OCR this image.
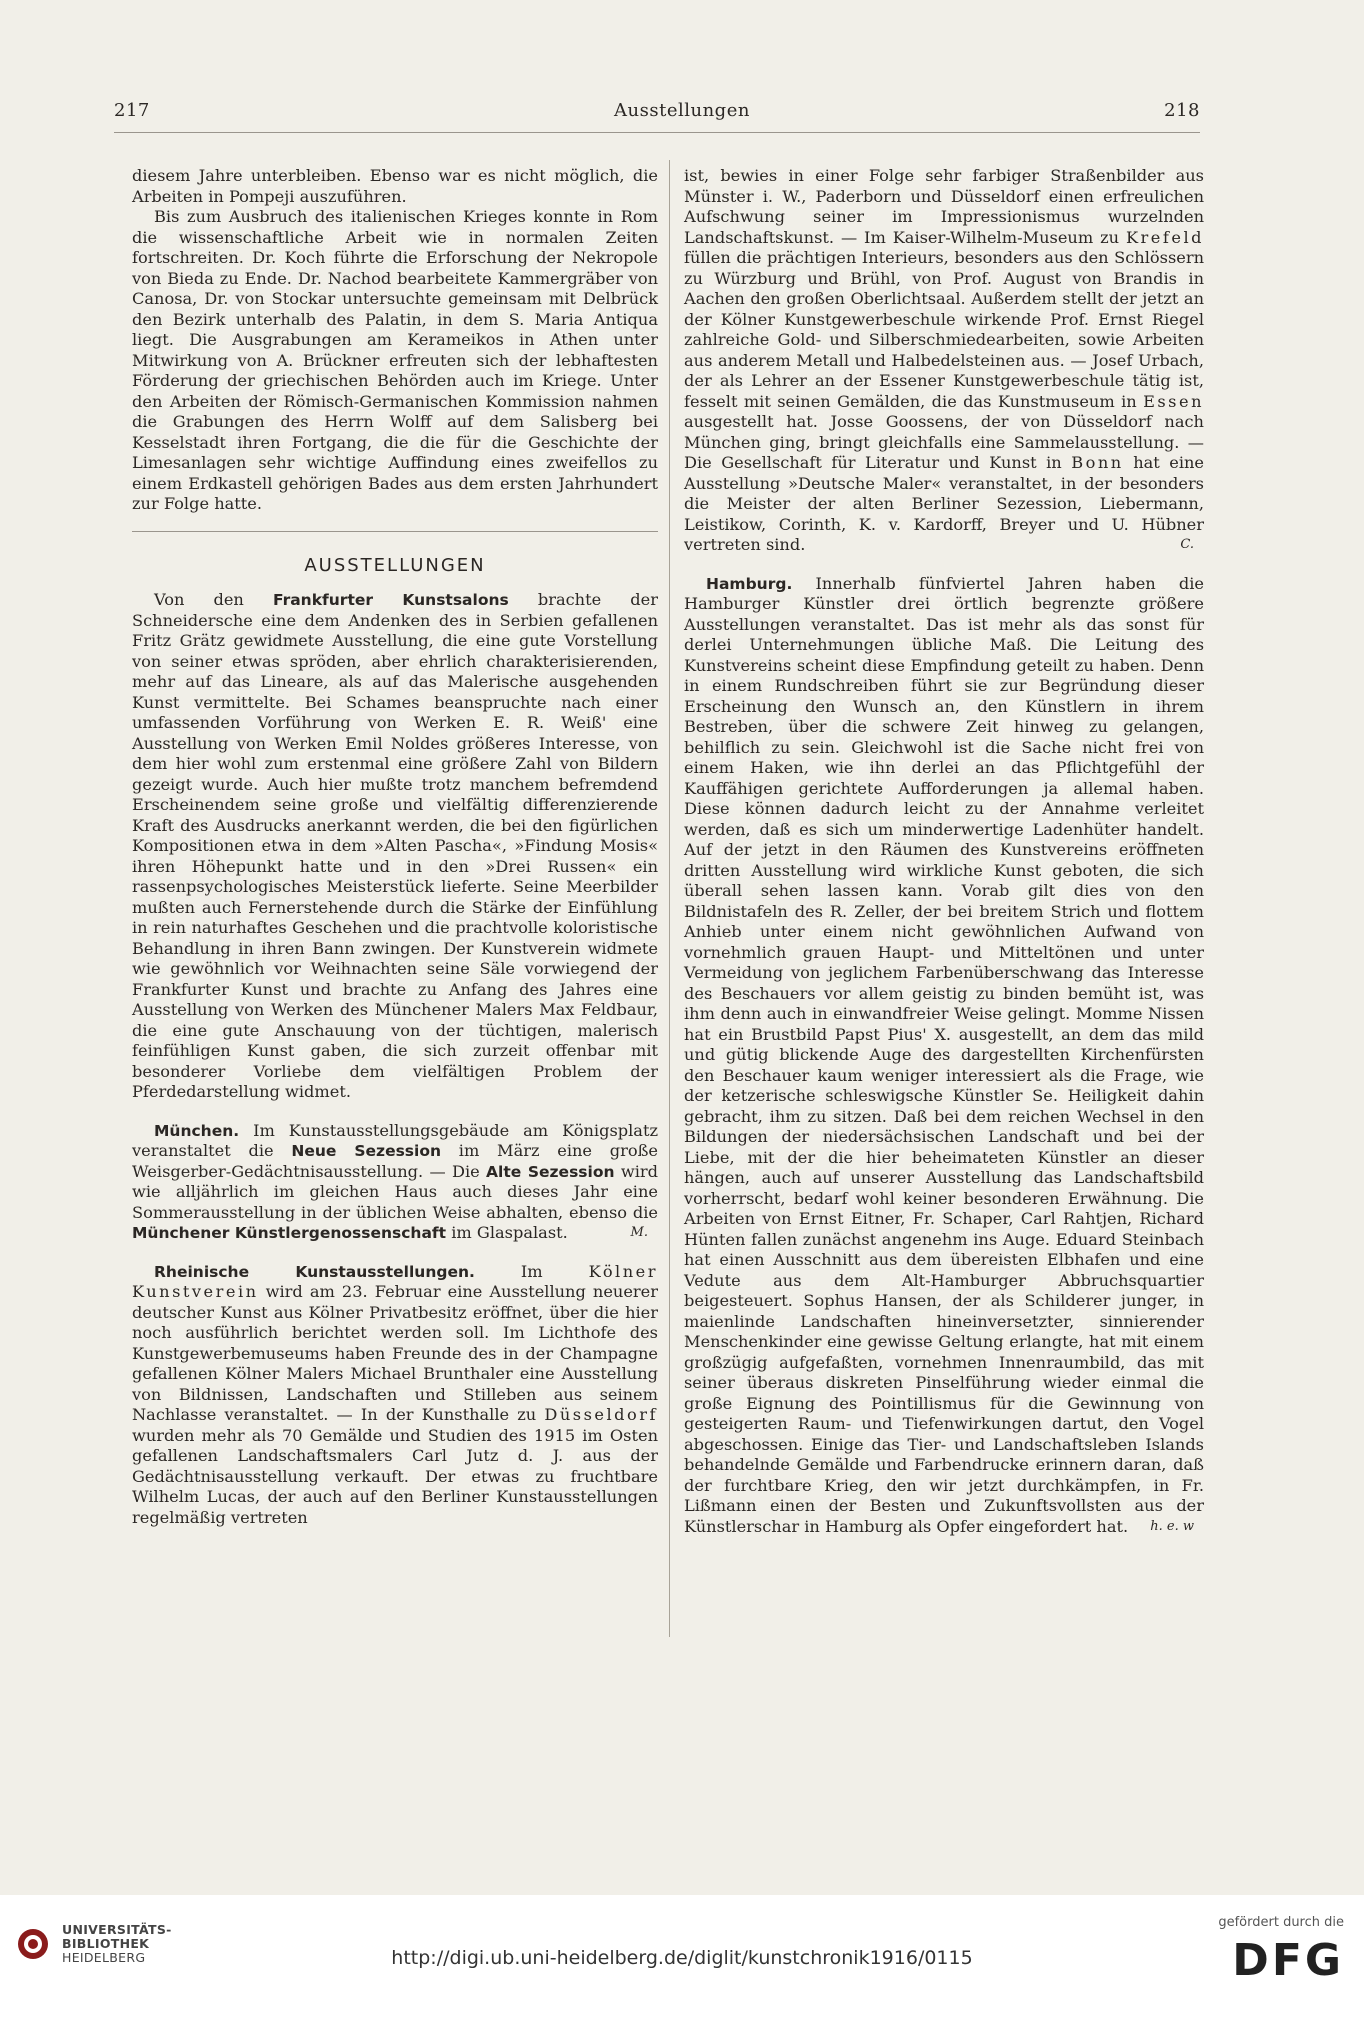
217	Ausstellungen	218

diesem Jahre unterbleiben. Ebenso war es nicht möglich, die Arbeiten in Pompeji auszuführen.

Bis zum Ausbruch des italienischen Krieges konnte in Rom die wissenschaftliche Arbeit wie in normalen Zeiten fortschreiten. Dr. Koch führte die Erforschung der Nekropole von Bieda zu Ende. Dr. Nachod bearbeitete Kammergräber von Canosa, Dr. von Stockar untersuchte gemeinsam mit Delbrück den Bezirk unterhalb des Palatin, in dem S. Maria Antiqua liegt. Die Ausgrabungen am Kerameikos in Athen unter Mitwirkung von A. Brückner erfreuten sich der lebhaftesten Förderung der griechischen Behörden auch im Kriege. Unter den Arbeiten der Römisch-Germanischen Kommission nahmen die Grabungen des Herrn Wolff auf dem Salisberg bei Kesselstadt ihren Fortgang, die die für die Geschichte der Limesanlagen sehr wichtige Auffindung eines zweifellos zu einem Erdkastell gehörigen Bades aus dem ersten Jahrhundert zur Folge hatte.

AUSSTELLUNGEN

Von den Frankfurter Kunstsalons brachte der Schneidersche eine dem Andenken des in Serbien gefallenen Fritz Grätz gewidmete Ausstellung, die eine gute Vorstellung von seiner etwas spröden, aber ehrlich charakterisierenden, mehr auf das Lineare, als auf das Malerische ausgehenden Kunst vermittelte. Bei Schames beanspruchte nach einer umfassenden Vorführung von Werken E. R. Weiß' eine Ausstellung von Werken Emil Noldes größeres Interesse, von dem hier wohl zum erstenmal eine größere Zahl von Bildern gezeigt wurde. Auch hier mußte trotz manchem befremdend Erscheinendem seine große und vielfältig differenzierende Kraft des Ausdrucks anerkannt werden, die bei den figürlichen Kompositionen etwa in dem »Alten Pascha«, »Findung Mosis« ihren Höhepunkt hatte und in den »Drei Russen« ein rassenpsychologisches Meisterstück lieferte. Seine Meerbilder mußten auch Fernerstehende durch die Stärke der Einfühlung in rein naturhaftes Geschehen und die prachtvolle koloristische Behandlung in ihren Bann zwingen. Der Kunstverein widmete wie gewöhnlich vor Weihnachten seine Säle vorwiegend der Frankfurter Kunst und brachte zu Anfang des Jahres eine Ausstellung von Werken des Münchener Malers Max Feldbaur, die eine gute Anschauung von der tüchtigen, malerisch feinfühligen Kunst gaben, die sich zurzeit offenbar mit besonderer Vorliebe dem vielfältigen Problem der Pferdedarstellung widmet.

München. Im Kunstausstellungsgebäude am Königsplatz veranstaltet die Neue Sezession im März eine große Weisgerber-Gedächtnisausstellung. — Die Alte Sezession wird wie alljährlich im gleichen Haus auch dieses Jahr eine Sommerausstellung in der üblichen Weise abhalten, ebenso die Münchener Künstlergenossenschaft im Glaspalast.	M.

Rheinische Kunstausstellungen.	Im	Kölner Kunstverein wird am 23. Februar eine Ausstellung neuerer deutscher Kunst aus Kölner Privatbesitz eröffnet, über die hier noch ausführlich berichtet werden soll. Im Lichthofe des Kunstgewerbemuseums haben Freunde des in der Champagne gefallenen Kölner Malers Michael Brunthaler eine Ausstellung von Bildnissen, Landschaften und Stilleben aus seinem Nachlasse veranstaltet. — In der Kunsthalle zu Düsseldorf wurden mehr als 70 Gemälde und Studien des 1915 im Osten gefallenen Landschaftsmalers Carl Jutz d. J. aus der Gedächtnisausstellung verkauft. Der etwas zu fruchtbare Wilhelm Lucas, der auch auf den Berliner Kunstausstellungen regelmäßig vertreten

ist, bewies in einer Folge sehr farbiger Straßenbilder aus Münster i. W., Paderborn und Düsseldorf einen erfreulichen Aufschwung seiner im Impressionismus wurzelnden Landschaftskunst. — Im Kaiser-Wilhelm-Museum zu Krefeld füllen die prächtigen Interieurs, besonders aus den Schlössern zu Würzburg und Brühl, von Prof. August von Brandis in Aachen den großen Oberlichtsaal. Außerdem stellt der jetzt an der Kölner Kunstgewerbeschule wirkende Prof. Ernst Riegel zahlreiche Gold- und Silberschmiedearbeiten, sowie Arbeiten aus anderem Metall und Halbedelsteinen aus. — Josef Urbach, der als Lehrer an der Essener Kunstgewerbeschule tätig ist, fesselt mit seinen Gemälden, die das Kunstmuseum in Essen ausgestellt hat. Josse Goossens, der von Düsseldorf nach München ging, bringt gleichfalls eine Sammelausstellung. — Die Gesellschaft für Literatur und Kunst in Bonn hat eine Ausstellung »Deutsche Maler« veranstaltet, in der besonders die Meister der alten Berliner Sezession, Liebermann, Leistikow, Corinth, K. v. Kardorff, Breyer und U. Hübner vertreten sind.	C.

Hamburg. Innerhalb fünfviertel Jahren haben die Hamburger Künstler drei örtlich begrenzte größere Ausstellungen veranstaltet. Das ist mehr als das sonst für derlei Unternehmungen übliche Maß. Die Leitung des Kunstvereins scheint diese Empfindung geteilt zu haben. Denn in einem Rundschreiben führt sie zur Begründung dieser Erscheinung den Wunsch an, den Künstlern in ihrem Bestreben, über die schwere Zeit hinweg zu gelangen, behilflich zu sein. Gleichwohl ist die Sache nicht frei von einem Haken, wie ihn derlei an das Pflichtgefühl der Kauffähigen gerichtete Aufforderungen ja allemal haben. Diese können dadurch leicht zu der Annahme verleitet werden, daß es sich um minderwertige Ladenhüter handelt. Auf der jetzt in den Räumen des Kunstvereins eröffneten dritten Ausstellung wird wirkliche Kunst geboten, die sich überall sehen lassen kann. Vorab gilt dies von den Bildnistafeln des R. Zeller, der bei breitem Strich und flottem Anhieb unter einem nicht gewöhnlichen Aufwand von vornehmlich grauen Haupt- und Mitteltönen und unter Vermeidung von jeglichem Farbenüberschwang das Interesse des Beschauers vor allem geistig zu binden bemüht ist, was ihm denn auch in einwandfreier Weise gelingt. Momme Nissen hat ein Brustbild Papst Pius' X. ausgestellt, an dem das mild und gütig blickende Auge des dargestellten Kirchenfürsten den Beschauer kaum weniger interessiert als die Frage, wie der ketzerische schleswigsche Künstler Se. Heiligkeit dahin gebracht, ihm zu sitzen. Daß bei dem reichen Wechsel in den Bildungen der niedersächsischen Landschaft und bei der Liebe, mit der die hier beheimateten Künstler an dieser hängen, auch auf unserer Ausstellung das Landschaftsbild vorherrscht, bedarf wohl keiner besonderen Erwähnung. Die Arbeiten von Ernst Eitner, Fr. Schaper, Carl Rahtjen, Richard Hünten fallen zunächst angenehm ins Auge. Eduard Steinbach hat einen Ausschnitt aus dem übereisten Elbhafen und eine Vedute aus dem Alt-Hamburger Abbruchsquartier beigesteuert. Sophus Hansen, der als Schilderer junger, in maienlinde Landschaften hineinversetzter, sinnierender Menschenkinder eine gewisse Geltung erlangte, hat mit einem großzügig aufgefaßten, vornehmen Innenraumbild, das mit seiner überaus diskreten Pinselführung wieder einmal die große Eignung des Pointillismus für die Gewinnung von gesteigerten Raum- und Tiefenwirkungen dartut, den Vogel abgeschossen. Einige das Tier- und Landschaftsleben Islands behandelnde Gemälde und Farbendrucke erinnern daran, daß der furchtbare Krieg, den wir jetzt durchkämpfen, in Fr. Lißmann einen der Besten und Zukunftsvollsten aus der Künstlerschar in Hamburg als Opfer eingefordert hat.	h. e. w

UNIVERSITÄTS-
BIBLIOTHEK
HEIDELBERG	http://digi.ub.uni-heidelberg.de/diglit/kunstchronik1916/0115
gefördert durch die
DFG
